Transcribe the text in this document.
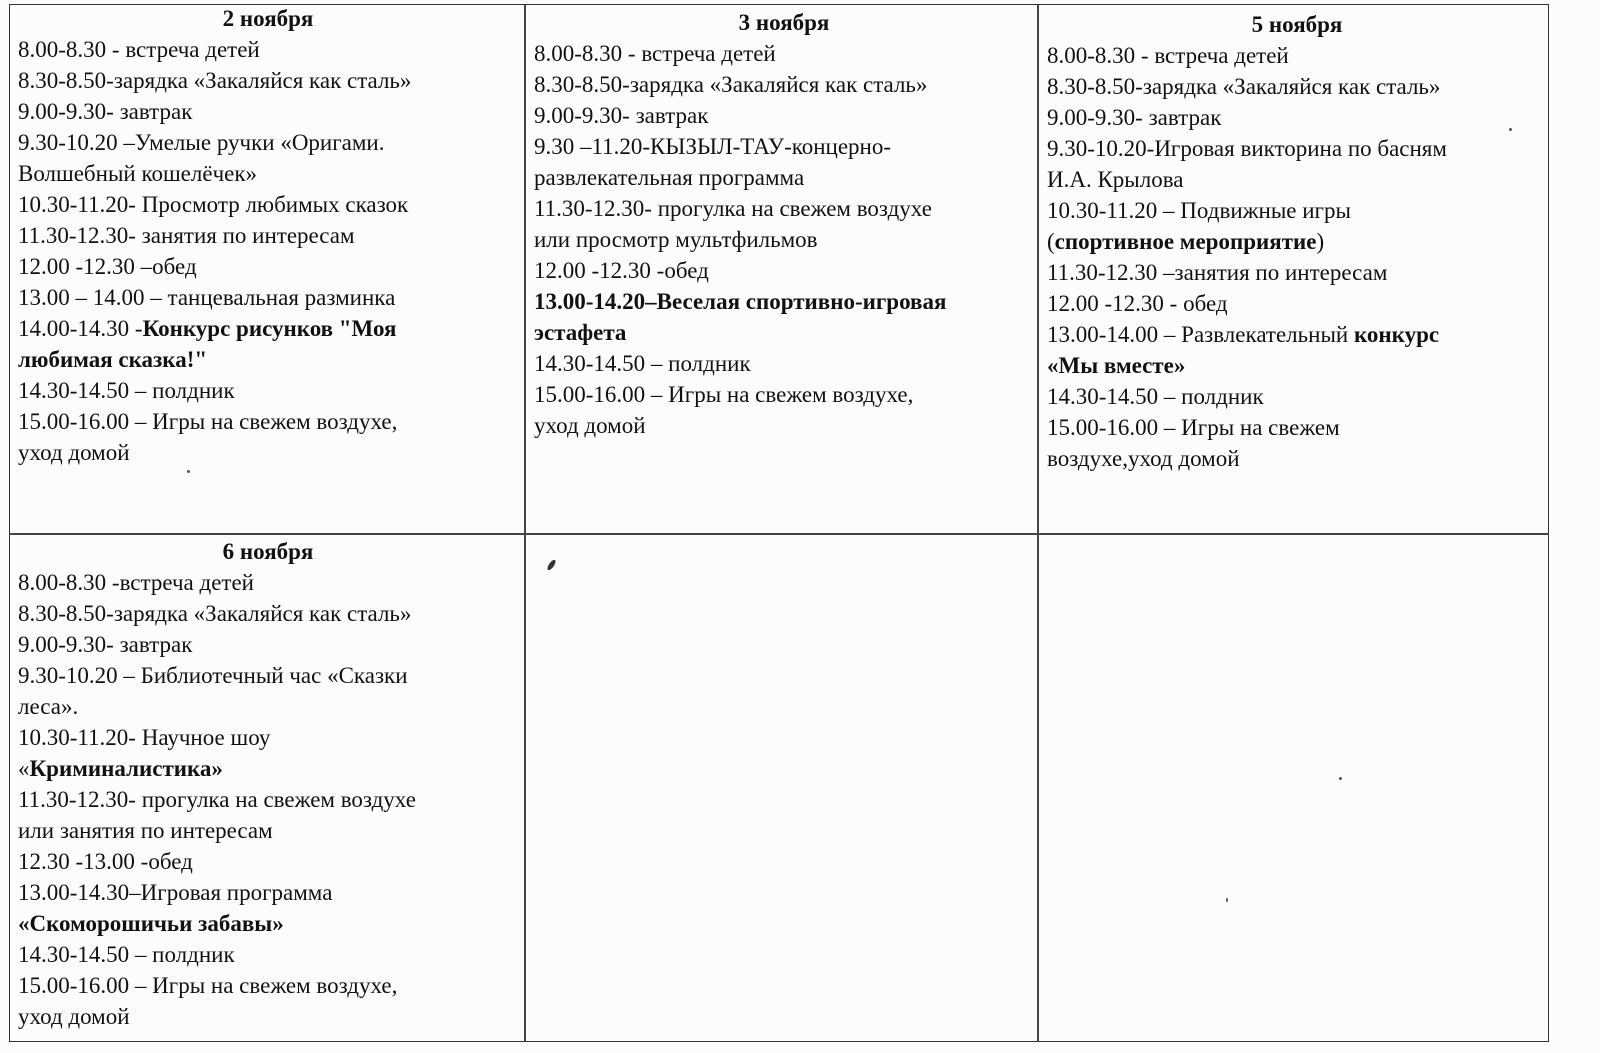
2 ноября
8.00-8.30 - встреча детей
8.30-8.50-зарядка «Закаляйся как сталь»
9.00-9.30- завтрак
9.30-10.20 –Умелые ручки «Оригами.
Волшебный кошелёчек»
10.30-11.20- Просмотр любимых сказок
11.30-12.30- занятия по интересам
12.00 -12.30 –обед
13.00 – 14.00 – танцевальная разминка
14.00-14.30 -Конкурс рисунков "Моя
любимая сказка!"
14.30-14.50 – полдник
15.00-16.00 – Игры на свежем воздухе,
уход домой
3 ноября
8.00-8.30 - встреча детей
8.30-8.50-зарядка «Закаляйся как сталь»
9.00-9.30- завтрак
9.30 –11.20-КЫЗЫЛ-ТАУ-концерно-
развлекательная программа
11.30-12.30- прогулка на свежем воздухе
или просмотр мультфильмов
12.00 -12.30 -обед
13.00-14.20–Веселая спортивно-игровая
эстафета
14.30-14.50 – полдник
15.00-16.00 – Игры на свежем воздухе,
уход домой
5 ноября
8.00-8.30 - встреча детей
8.30-8.50-зарядка «Закаляйся как сталь»
9.00-9.30- завтрак
9.30-10.20-Игровая викторина по басням
И.А. Крылова
10.30-11.20 – Подвижные игры
(спортивное мероприятие)
11.30-12.30 –занятия по интересам
12.00 -12.30 - обед
13.00-14.00 – Развлекательный конкурс
«Мы вместе»
14.30-14.50 – полдник
15.00-16.00 – Игры на свежем
воздухе,уход домой
6 ноября
8.00-8.30 -встреча детей
8.30-8.50-зарядка «Закаляйся как сталь»
9.00-9.30- завтрак
9.30-10.20 – Библиотечный час «Сказки
леса».
10.30-11.20- Научное шоу
«Криминалистика»
11.30-12.30- прогулка на свежем воздухе
или занятия по интересам
12.30 -13.00 -обед
13.00-14.30–Игровая программа
«Скоморошичьи забавы»
14.30-14.50 – полдник
15.00-16.00 – Игры на свежем воздухе,
уход домой
